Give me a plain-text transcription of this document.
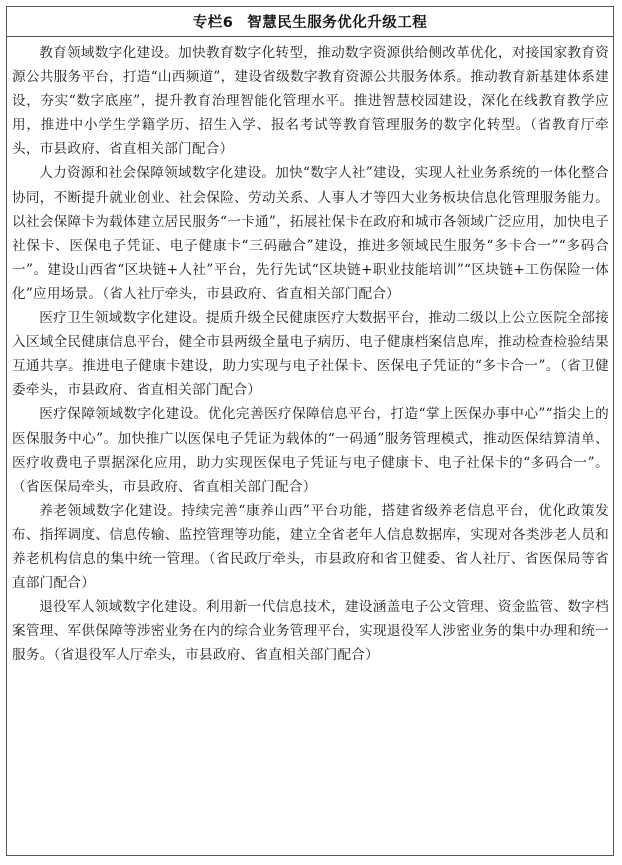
专栏6 智慧民生服务优化升级工程

教育领域数字化建设。加快教育数字化转型，推动数字资源供给侧改革优化，对接国家教育资源公共服务平台，打造“山西频道”，建设省级数字教育资源公共服务体系。推动教育新基建体系建设，夯实“数字底座”，提升教育治理智能化管理水平。推进智慧校园建设，深化在线教育教学应用，推进中小学生学籍学历、招生入学、报名考试等教育管理服务的数字化转型。（省教育厅牵头，市县政府、省直相关部门配合）

人力资源和社会保障领域数字化建设。加快“数字人社”建设，实现人社业务系统的一体化整合协同，不断提升就业创业、社会保险、劳动关系、人事人才等四大业务板块信息化管理服务能力。以社会保障卡为载体建立居民服务“一卡通”，拓展社保卡在政府和城市各领域广泛应用，加快电子社保卡、医保电子凭证、电子健康卡“三码融合”建设，推进多领域民生服务“多卡合一”“多码合一”。建设山西省“区块链+人社”平台，先行先试“区块链+职业技能培训”“区块链+工伤保险一体化”应用场景。（省人社厅牵头，市县政府、省直相关部门配合）

医疗卫生领域数字化建设。提质升级全民健康医疗大数据平台，推动二级以上公立医院全部接入区域全民健康信息平台，健全市县两级全量电子病历、电子健康档案信息库，推动检查检验结果互通共享。推进电子健康卡建设，助力实现与电子社保卡、医保电子凭证的“多卡合一”。（省卫健委牵头，市县政府、省直相关部门配合）

医疗保障领域数字化建设。优化完善医疗保障信息平台，打造“掌上医保办事中心”“指尖上的医保服务中心”。加快推广以医保电子凭证为载体的“一码通”服务管理模式，推动医保结算清单、医疗收费电子票据深化应用，助力实现医保电子凭证与电子健康卡、电子社保卡的“多码合一”。（省医保局牵头，市县政府、省直相关部门配合）

养老领域数字化建设。持续完善“康养山西”平台功能，搭建省级养老信息平台，优化政策发布、指挥调度、信息传输、监控管理等功能，建立全省老年人信息数据库，实现对各类涉老人员和养老机构信息的集中统一管理。（省民政厅牵头，市县政府和省卫健委、省人社厅、省医保局等省直部门配合）

退役军人领域数字化建设。利用新一代信息技术，建设涵盖电子公文管理、资金监管、数字档案管理、军供保障等涉密业务在内的综合业务管理平台，实现退役军人涉密业务的集中办理和统一服务。（省退役军人厅牵头，市县政府、省直相关部门配合）
